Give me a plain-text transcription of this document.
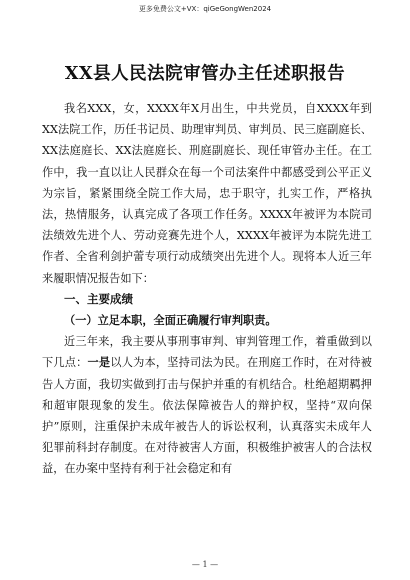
更多免费公文+VX：qiGeGongWen2024
XX县人民法院审管办主任述职报告

我名XXX，女，XXXX年X月出生，中共党员，自XXXX年到XX法院工作，历任书记员、助理审判员、审判员、民三庭副庭长、XX法庭庭长、XX法庭庭长、刑庭副庭长、现任审管办主任。在工作中，我一直以让人民群众在每一个司法案件中都感受到公平正义为宗旨，紧紧围绕全院工作大局，忠于职守，扎实工作，严格执法，热情服务，认真完成了各项工作任务。XXXX年被评为本院司法绩效先进个人、劳动竞赛先进个人，XXXX年被评为本院先进工作者、全省利剑护蕾专项行动成绩突出先进个人。现将本人近三年来履职情况报告如下：

一、主要成绩

（一）立足本职，全面正确履行审判职责。

近三年来，我主要从事刑事审判、审判管理工作，着重做到以下几点：一是以人为本，坚持司法为民。在刑庭工作时，在对待被告人方面，我切实做到打击与保护并重的有机结合。杜绝超期羁押和超审限现象的发生。依法保障被告人的辩护权，坚持“双向保护”原则，注重保护未成年被告人的诉讼权利，认真落实未成年人犯罪前科封存制度。在对待被害人方面，积极维护被害人的合法权益，在办案中坚持有利于社会稳定和有

— 1 —
